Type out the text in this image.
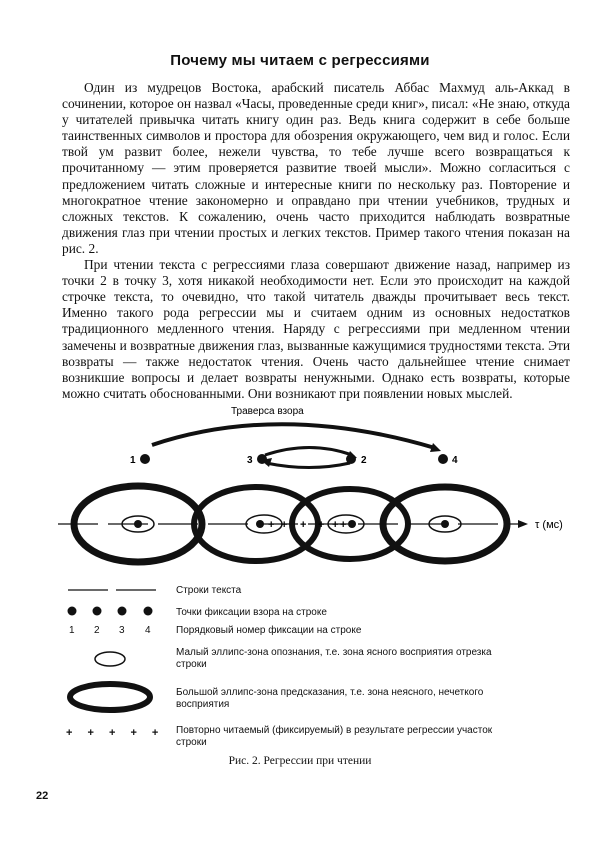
Почему мы читаем с регрессиями

Один из мудрецов Востока, арабский писатель Аббас Махмуд аль-Аккад в сочинении, которое он назвал «Часы, проведенные среди книг», писал: «Не знаю, откуда у читателей привычка читать книгу один раз. Ведь книга содержит в себе больше таинственных символов и простора для обозрения окружающего, чем вид и голос. Если твой ум развит более, нежели чувства, то тебе лучше всего возвращаться к прочитанному — этим проверяется развитие твоей мысли». Можно согласиться с предложением читать сложные и интересные книги по нескольку раз. Повторение и многократное чтение закономерно и оправдано при чтении учебников, трудных и сложных текстов. К сожалению, очень часто приходится наблюдать возвратные движения глаз при чтении простых и легких текстов. Пример такого чтения показан на рис. 2.

При чтении текста с регрессиями глаза совершают движение назад, например из точки 2 в точку 3, хотя никакой необходимости нет. Если это происходит на каждой строчке текста, то очевидно, что такой читатель дважды прочитывает весь текст. Именно такого рода регрессии мы и считаем одним из основных недостатков традиционного медленного чтения. Наряду с регрессиями при медленном чтении замечены и возвратные движения глаз, вызванные кажущимися трудностями текста. Эти возвраты — также недостаток чтения. Очень часто дальнейшее чтение снимает возникшие вопросы и делает возвраты ненужными. Однако есть возвраты, которые можно считать обоснованными. Они возникают при появлении новых мыслей.

Траверса взора
1	3	2	4
τ (мс)
+ + + + + +
Строки текста
Точки фиксации взора на строке
1 2 3 4	Порядковый номер фиксации на строке
Малый эллипс-зона опознания, т.е. зона ясного восприятия отрезка строки
Большой эллипс-зона предсказания, т.е. зона неясного, нечеткого восприятия
+ + + + + Повторно читаемый (фиксируемый) в результате регрессии участок строки
Рис. 2. Регрессии при чтении
22
